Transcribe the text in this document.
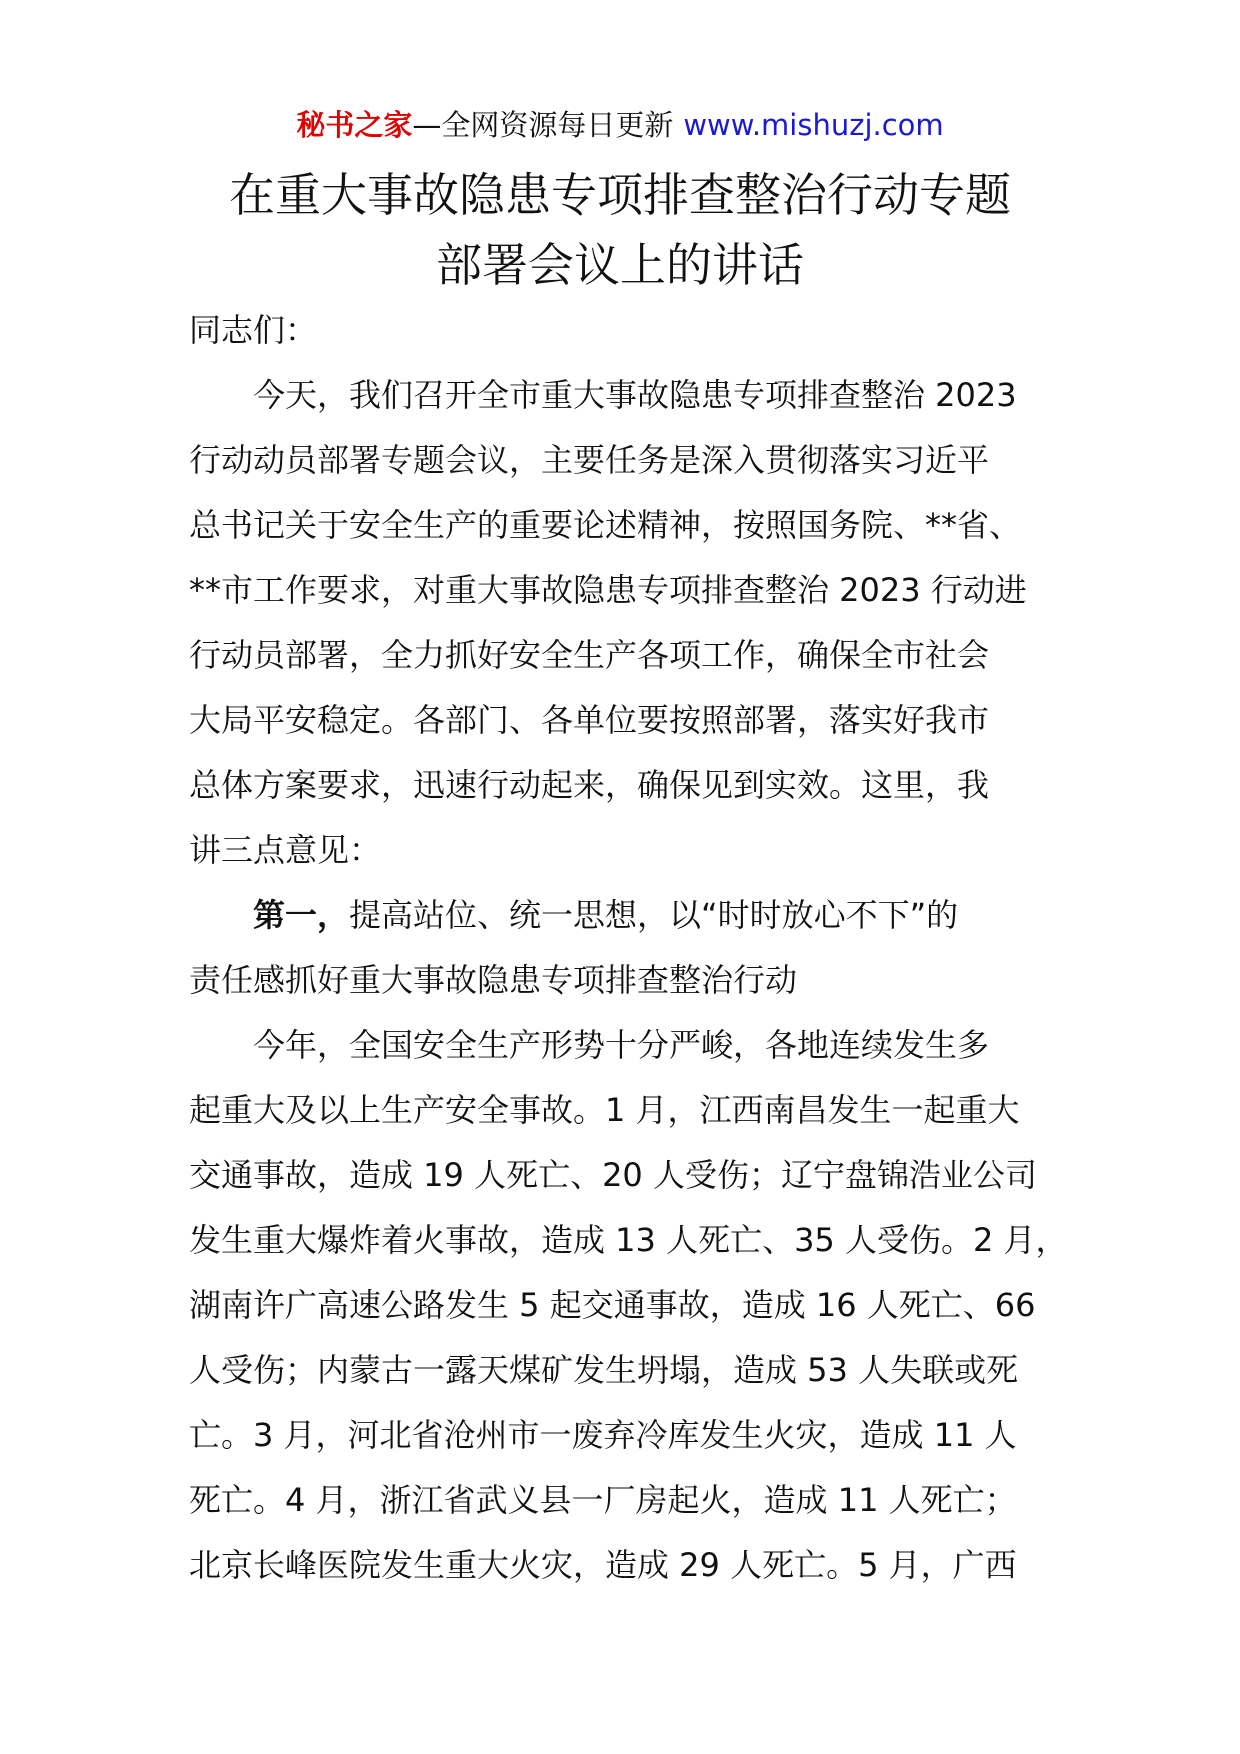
秘书之家—全网资源每日更新 www.mishuzj.com
在重大事故隐患专项排查整治行动专题
部署会议上的讲话
同志们：
今天，我们召开全市重大事故隐患专项排查整治 2023
行动动员部署专题会议，主要任务是深入贯彻落实习近平
总书记关于安全生产的重要论述精神，按照国务院、**省、
**市工作要求，对重大事故隐患专项排查整治 2023 行动进
行动员部署，全力抓好安全生产各项工作，确保全市社会
大局平安稳定。各部门、各单位要按照部署，落实好我市
总体方案要求，迅速行动起来，确保见到实效。这里，我
讲三点意见：
第一，提高站位、统一思想，以“时时放心不下”的
责任感抓好重大事故隐患专项排查整治行动
今年，全国安全生产形势十分严峻，各地连续发生多
起重大及以上生产安全事故。1 月，江西南昌发生一起重大
交通事故，造成 19 人死亡、20 人受伤；辽宁盘锦浩业公司
发生重大爆炸着火事故，造成 13 人死亡、35 人受伤。2 月，
湖南许广高速公路发生 5 起交通事故，造成 16 人死亡、66
人受伤；内蒙古一露天煤矿发生坍塌，造成 53 人失联或死
亡。3 月，河北省沧州市一废弃冷库发生火灾，造成 11 人
死亡。4 月，浙江省武义县一厂房起火，造成 11 人死亡；
北京长峰医院发生重大火灾，造成 29 人死亡。5 月，广西
